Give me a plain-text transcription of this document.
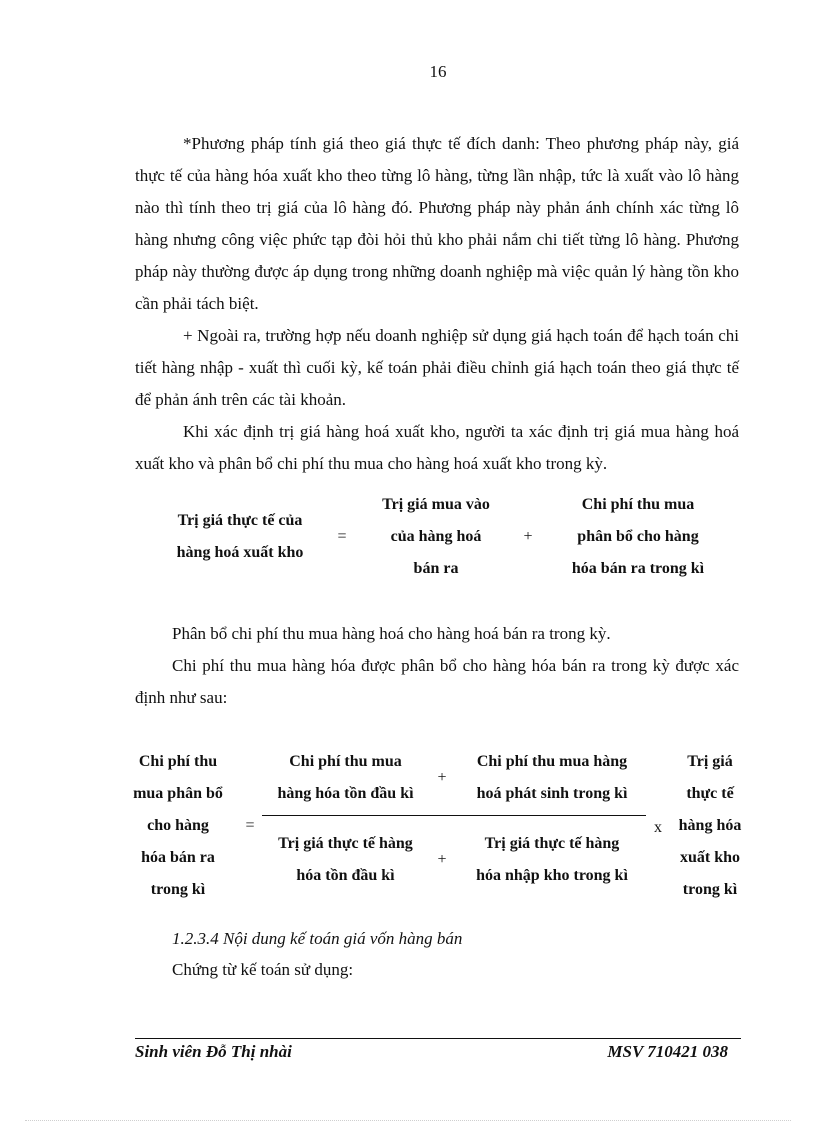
16

*Phương pháp tính giá theo giá thực tế đích danh: Theo phương pháp này, giá thực tế của hàng hóa xuất kho theo từng lô hàng, từng lần nhập, tức là xuất vào lô hàng nào thì tính theo trị giá của lô hàng đó. Phương pháp này phản ánh chính xác từng lô hàng nhưng công việc phức tạp đòi hỏi thủ kho phải nắm chi tiết từng lô hàng. Phương pháp này thường được áp dụng trong những doanh nghiệp mà việc quản lý hàng tồn kho cần phải tách biệt.

+ Ngoài ra, trường hợp nếu doanh nghiệp sử dụng giá hạch toán để hạch toán chi tiết hàng nhập - xuất thì cuối kỳ, kế toán phải điều chỉnh giá hạch toán theo giá thực tế để phản ánh trên các tài khoản.

Khi xác định trị giá hàng hoá xuất kho, người ta xác định trị giá mua hàng hoá xuất kho và phân bổ chi phí thu mua cho hàng hoá xuất kho trong kỳ.

Trị giá thực tế của
hàng hoá xuất kho
=
Trị giá mua vào
của hàng hoá
bán ra
+
Chi phí thu mua
phân bổ cho hàng
hóa bán ra trong kì

Phân bổ chi phí thu mua hàng hoá cho hàng hoá bán ra trong kỳ.

Chi phí thu mua hàng hóa được phân bổ cho hàng hóa bán ra trong kỳ được xác định như sau:

Chi phí thu
mua phân bổ
cho hàng
hóa bán ra
trong kì
=
Chi phí thu mua
hàng hóa tồn đầu kì
+
Chi phí thu mua hàng
hoá phát sinh trong kì
Trị giá thực tế hàng
hóa tồn đầu kì
+
Trị giá thực tế hàng
hóa nhập kho trong kì
x
Trị giá
thực tế
hàng hóa
xuất kho
trong kì

1.2.3.4 Nội dung kế toán giá vốn hàng bán

Chứng từ kế toán sử dụng:

Sinh viên Đỗ Thị nhài	MSV 710421 038
